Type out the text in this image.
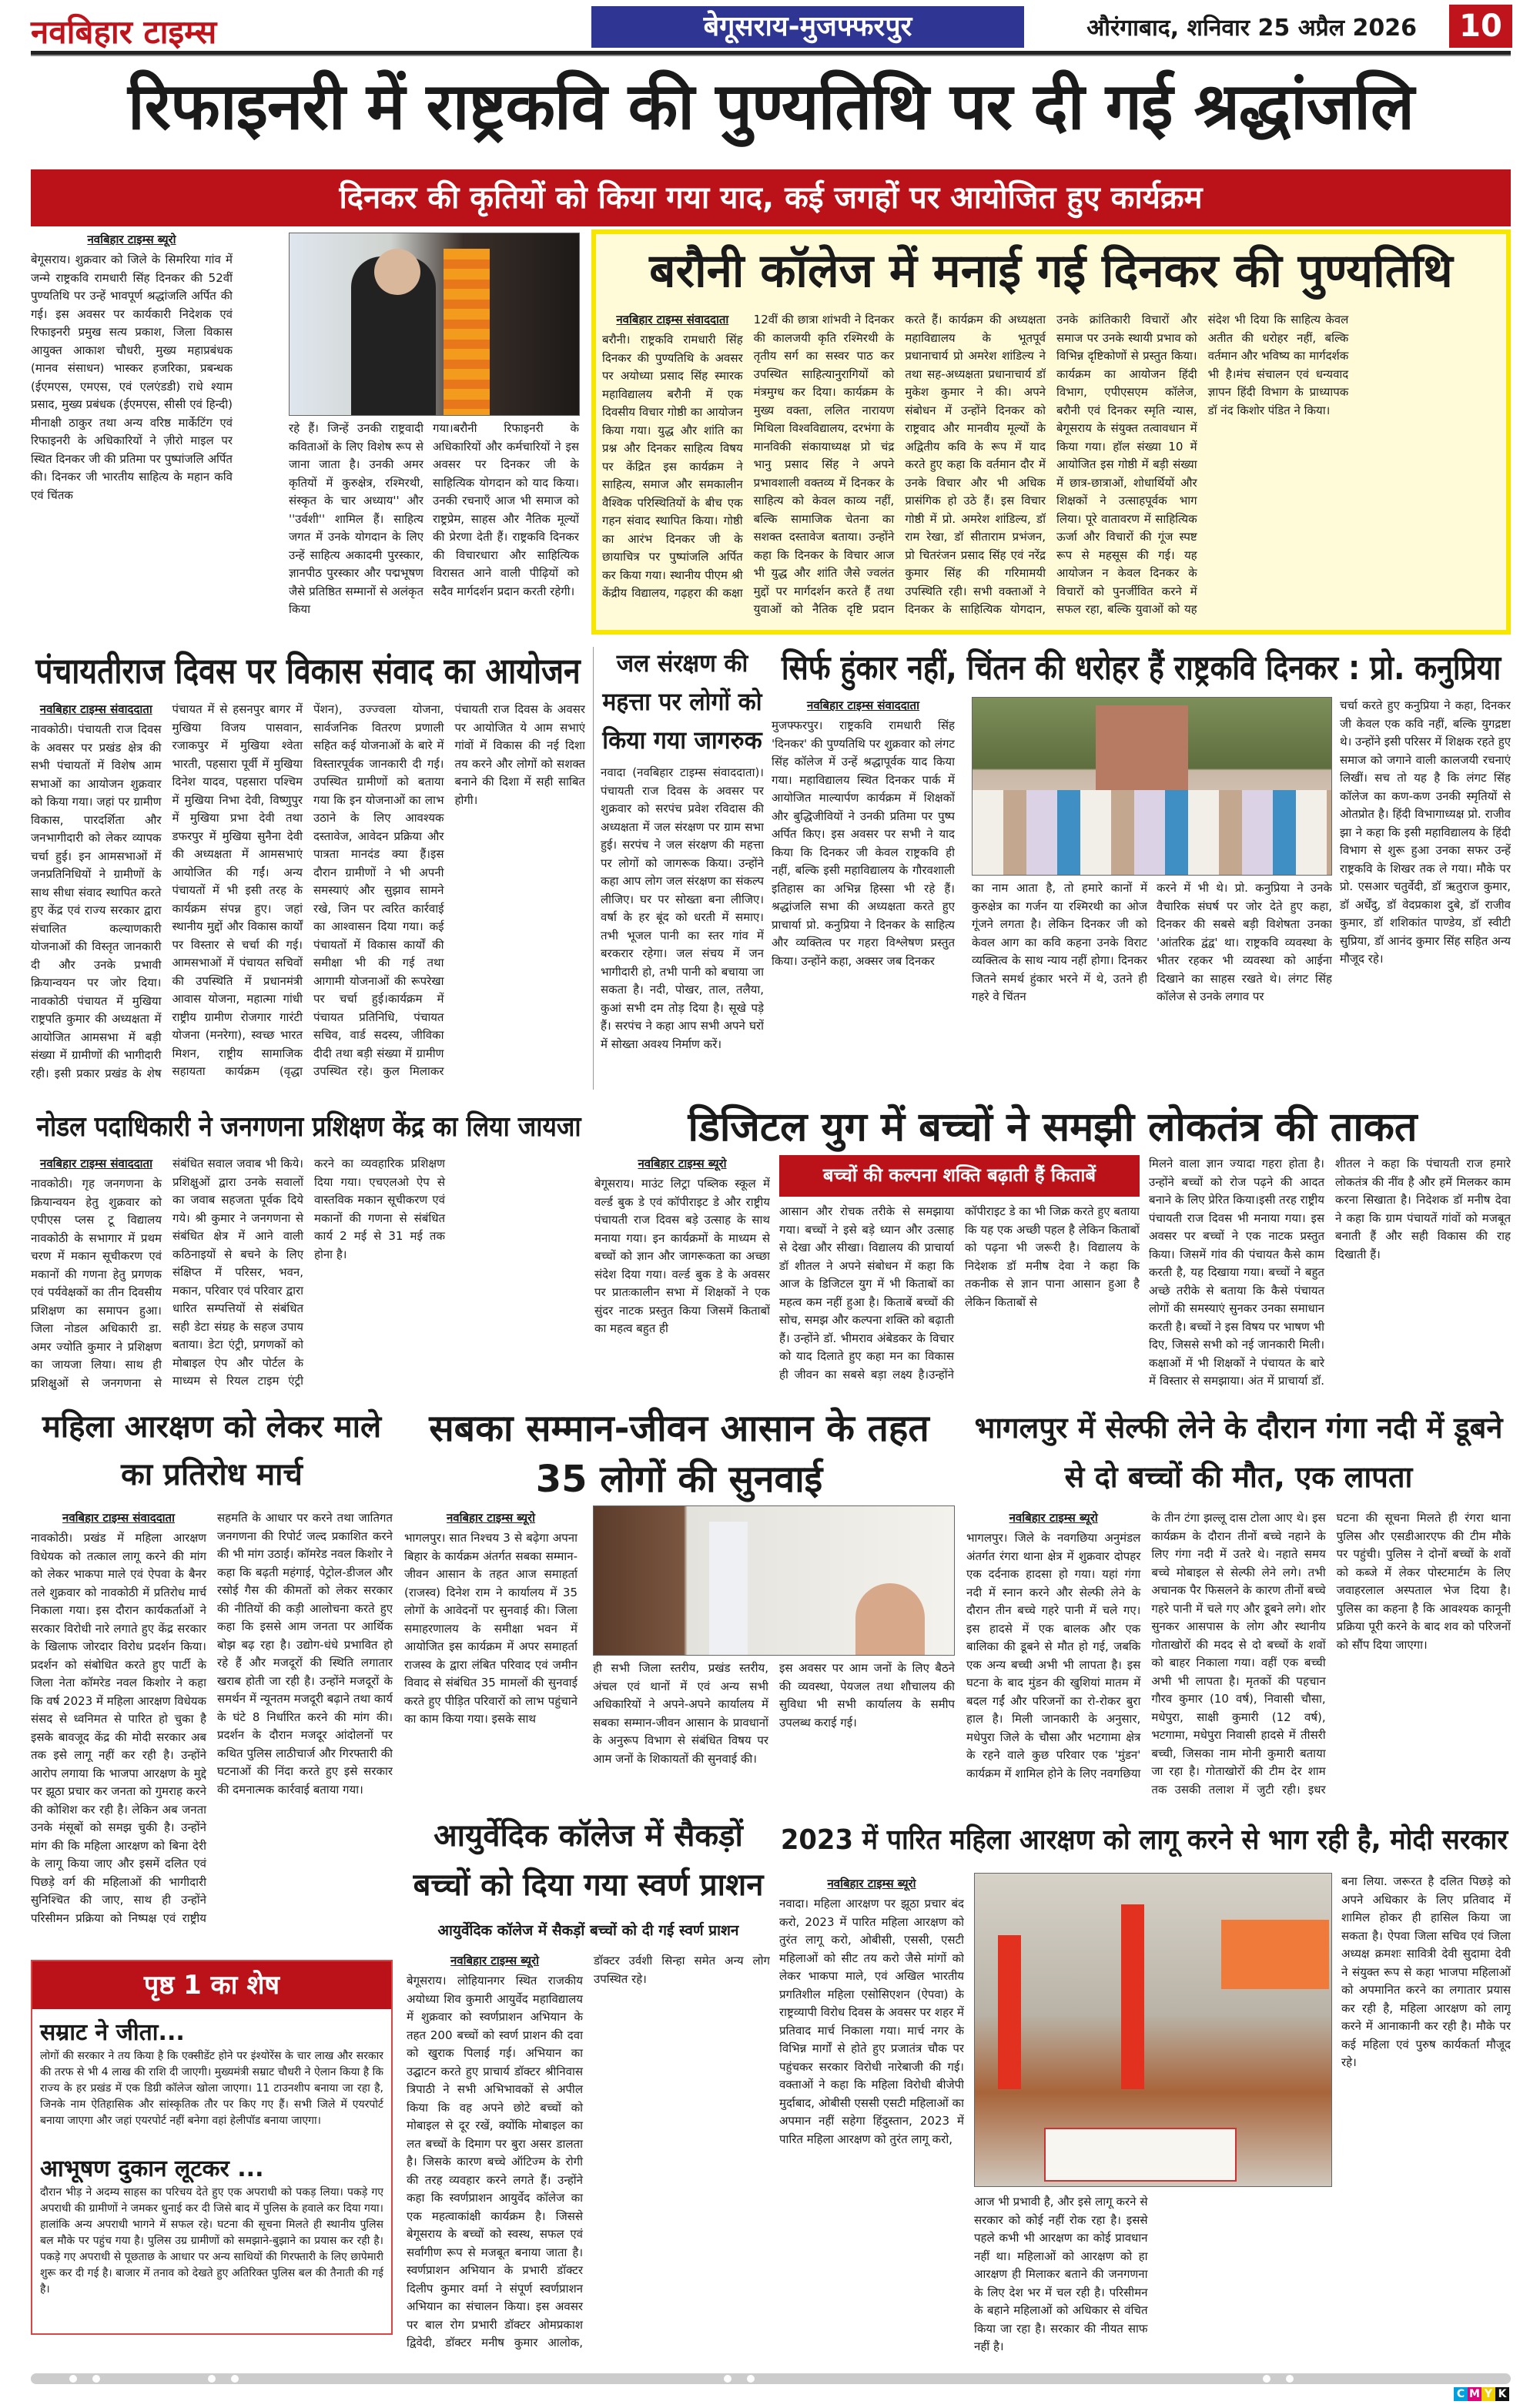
नवबिहार टाइम्स	बेगूसराय-मुजफ्फरपुर	औरंगाबाद, शनिवार 25 अप्रैल 2026	10
रिफाइनरी में राष्ट्रकवि की पुण्यतिथि पर दी गई श्रद्धांजलि
दिनकर की कृतियों को किया गया याद, कई जगहों पर आयोजित हुए कार्यक्रम
नवबिहार टाइम्स ब्यूरो
बेगूसराय। शुक्रवार को जिले के सिमरिया गांव में जन्मे राष्ट्रकवि रामधारी सिंह दिनकर की 52वीं पुण्यतिथि पर उन्हें भावपूर्ण श्रद्धांजलि अर्पित की गई। इस अवसर पर कार्यकारी निदेशक एवं रिफाइनरी प्रमुख सत्य प्रकाश, जिला विकास आयुक्त आकाश चौधरी, मुख्य महाप्रबंधक (मानव संसाधन) भास्कर हजरिका, प्रबन्धक (ईएमएस, एमएस, एवं एलएंडडी) राधे श्याम प्रसाद, मुख्य प्रबंधक (ईएमएस, सीसी एवं हिन्दी) मीनाक्षी ठाकुर तथा अन्य वरिष्ठ मार्केटिंग एवं रिफाइनरी के अधिकारियों ने ज़ीरो माइल पर स्थित दिनकर जी की प्रतिमा पर पुष्पांजलि अर्पित की। दिनकर जी भारतीय साहित्य के महान कवि एवं चिंतक
रहे हैं। जिन्हें उनकी राष्ट्रवादी कविताओं के लिए विशेष रूप से जाना जाता है। उनकी अमर कृतियों में कुरुक्षेत्र, रश्मिरथी, संस्कृत के चार अध्याय'' और ''उर्वशी'' शामिल हैं। साहित्य जगत में उनके योगदान के लिए उन्हें साहित्य अकादमी पुरस्कार, ज्ञानपीठ पुरस्कार और पद्मभूषण जैसे प्रतिष्ठित सम्मानों से अलंकृत किया
गया।बरौनी रिफाइनरी के अधिकारियों और कर्मचारियों ने इस अवसर पर दिनकर जी के साहित्यिक योगदान को याद किया। उनकी रचनाएँ आज भी समाज को राष्ट्रप्रेम, साहस और नैतिक मूल्यों की प्रेरणा देती हैं। राष्ट्रकवि दिनकर की विचारधारा और साहित्यिक विरासत आने वाली पीढ़ियों को सदैव मार्गदर्शन प्रदान करती रहेगी।
बरौनी कॉलेज में मनाई गई दिनकर की पुण्यतिथि
नवबिहार टाइम्स संवाददाता
बरौनी। राष्ट्रकवि रामधारी सिंह दिनकर की पुण्यतिथि के अवसर पर अयोध्या प्रसाद सिंह स्मारक महाविद्यालय बरौनी में एक दिवसीय विचार गोष्ठी का आयोजन किया गया। युद्ध और शांति का प्रश्न और दिनकर साहित्य विषय पर केंद्रित इस कार्यक्रम ने साहित्य, समाज और समकालीन वैश्विक परिस्थितियों के बीच एक गहन संवाद स्थापित किया। गोष्ठी का आरंभ दिनकर जी के छायाचित्र पर पुष्पांजलि अर्पित कर किया गया। स्थानीय पीएम श्री केंद्रीय विद्यालय, गढ़हरा की कक्षा 12वीं की छात्रा शांभवी ने दिनकर की कालजयी कृति रश्मिरथी के तृतीय सर्ग का सस्वर पाठ कर उपस्थित साहित्यानुरागियों को मंत्रमुग्ध कर दिया। कार्यक्रम के मुख्य वक्ता, ललित नारायण मिथिला विश्वविद्यालय, दरभंगा के मानविकी संकायाध्यक्ष प्रो चंद्र भानु प्रसाद सिंह ने अपने प्रभावशाली वक्तव्य में दिनकर के साहित्य को केवल काव्य नहीं, बल्कि सामाजिक चेतना का सशक्त दस्तावेज बताया। उन्होंने कहा कि दिनकर के विचार आज भी युद्ध और शांति जैसे ज्वलंत मुद्दों पर मार्गदर्शन करते हैं तथा युवाओं को नैतिक दृष्टि प्रदान करते हैं। कार्यक्रम की अध्यक्षता महाविद्यालय के भूतपूर्व प्रधानाचार्य प्रो अमरेश शांडिल्य ने तथा सह-अध्यक्षता प्रधानाचार्य डॉ मुकेश कुमार ने की। अपने संबोधन में उन्होंने दिनकर को राष्ट्रवाद और मानवीय मूल्यों के अद्वितीय कवि के रूप में याद करते हुए कहा कि वर्तमान दौर में उनके विचार और भी अधिक प्रासंगिक हो उठे हैं। इस विचार गोष्ठी में प्रो. अमरेश शांडिल्य, डॉ राम रेखा, डॉ सीताराम प्रभंजन, प्रो चितरंजन प्रसाद सिंह एवं नरेंद्र कुमार सिंह की गरिमामयी उपस्थिति रही। सभी वक्ताओं ने दिनकर के साहित्यिक योगदान, उनके क्रांतिकारी विचारों और समाज पर उनके स्थायी प्रभाव को विभिन्न दृष्टिकोणों से प्रस्तुत किया। कार्यक्रम का आयोजन हिंदी विभाग, एपीएसएम कॉलेज, बरौनी एवं दिनकर स्मृति न्यास, बेगूसराय के संयुक्त तत्वावधान में किया गया। हॉल संख्या 10 में आयोजित इस गोष्ठी में बड़ी संख्या में छात्र-छात्राओं, शोधार्थियों और शिक्षकों ने उत्साहपूर्वक भाग लिया। पूरे वातावरण में साहित्यिक ऊर्जा और विचारों की गूंज स्पष्ट रूप से महसूस की गई। यह आयोजन न केवल दिनकर के विचारों को पुनर्जीवित करने में सफल रहा, बल्कि युवाओं को यह संदेश भी दिया कि साहित्य केवल अतीत की धरोहर नहीं, बल्कि वर्तमान और भविष्य का मार्गदर्शक भी है।मंच संचालन एवं धन्यवाद ज्ञापन हिंदी विभाग के प्राध्यापक डॉ नंद किशोर पंडित ने किया।
पंचायतीराज दिवस पर विकास संवाद का आयोजन
नवबिहार टाइम्स संवाददाता
नावकोठी। पंचायती राज दिवस के अवसर पर प्रखंड क्षेत्र की सभी पंचायतों में विशेष आम सभाओं का आयोजन शुक्रवार को किया गया। जहां पर ग्रामीण विकास, पारदर्शिता और जनभागीदारी को लेकर व्यापक चर्चा हुई। इन आमसभाओं में जनप्रतिनिधियों ने ग्रामीणों के साथ सीधा संवाद स्थापित करते हुए केंद्र एवं राज्य सरकार द्वारा संचालित कल्याणकारी योजनाओं की विस्तृत जानकारी दी और उनके प्रभावी क्रियान्वयन पर जोर दिया। नावकोठी पंचायत में मुखिया राष्ट्रपति कुमार की अध्यक्षता में आयोजित आमसभा में बड़ी संख्या में ग्रामीणों की भागीदारी रही। इसी प्रकार प्रखंड के शेष पंचायत में से हसनपुर बागर में मुखिया विजय पासवान, रजाकपुर में मुखिया श्वेता भारती, पहसारा पूर्वी में मुखिया दिनेश यादव, पहसारा पश्चिम में मुखिया निभा देवी, विष्णुपुर में मुखिया प्रभा देवी तथा डफरपुर में मुखिया सुनैना देवी की अध्यक्षता में आमसभाएं आयोजित की गईं। अन्य पंचायतों में भी इसी तरह के कार्यक्रम संपन्न हुए। जहां स्थानीय मुद्दों और विकास कार्यों पर विस्तार से चर्चा की गई। आमसभाओं में पंचायत सचिवों की उपस्थिति में प्रधानमंत्री आवास योजना, महात्मा गांधी राष्ट्रीय ग्रामीण रोजगार गारंटी योजना (मनरेगा), स्वच्छ भारत मिशन, राष्ट्रीय सामाजिक सहायता कार्यक्रम (वृद्धा पेंशन), उज्ज्वला योजना, सार्वजनिक वितरण प्रणाली सहित कई योजनाओं के बारे में विस्तारपूर्वक जानकारी दी गई। उपस्थित ग्रामीणों को बताया गया कि इन योजनाओं का लाभ उठाने के लिए आवश्यक दस्तावेज, आवेदन प्रक्रिया और पात्रता मानदंड क्या हैं।इस दौरान ग्रामीणों ने भी अपनी समस्याएं और सुझाव सामने रखे, जिन पर त्वरित कार्रवाई का आश्वासन दिया गया। कई पंचायतों में विकास कार्यों की समीक्षा भी की गई तथा आगामी योजनाओं की रूपरेखा पर चर्चा हुई।कार्यक्रम में पंचायत प्रतिनिधि, पंचायत सचिव, वार्ड सदस्य, जीविका दीदी तथा बड़ी संख्या में ग्रामीण उपस्थित रहे। कुल मिलाकर पंचायती राज दिवस के अवसर पर आयोजित ये आम सभाएं गांवों में विकास की नई दिशा तय करने और लोगों को सशक्त बनाने की दिशा में सही साबित होगी।
जल संरक्षण की महत्ता पर लोगों को किया गया जागरुक
नवादा (नवबिहार टाइम्स संवाददाता)। पंचायती राज दिवस के अवसर पर शुक्रवार को सरपंच प्रवेश रविदास की अध्यक्षता में जल संरक्षण पर ग्राम सभा हुई। सरपंच ने जल संरक्षण की महत्ता पर लोगों को जागरूक किया। उन्होंने कहा आप लोग जल संरक्षण का संकल्प लीजिए। घर पर सोख्ता बना लीजिए। वर्षा के हर बूंद को धरती में समाए। तभी भूजल पानी का स्तर गांव में बरकरार रहेगा। जल संचय में जन भागीदारी हो, तभी पानी को बचाया जा सकता है। नदी, पोखर, ताल, तलैया, कुआं सभी दम तोड़ दिया है। सूखे पड़े हैं। सरपंच ने कहा आप सभी अपने घरों में सोख्ता अवश्य निर्माण करें।
सिर्फ हुंकार नहीं, चिंतन की धरोहर हैं राष्ट्रकवि दिनकर : प्रो. कनुप्रिया
नवबिहार टाइम्स संवाददाता
मुजफ्फरपुर। राष्ट्रकवि रामधारी सिंह 'दिनकर' की पुण्यतिथि पर शुक्रवार को लंगट सिंह कॉलेज में उन्हें श्रद्धापूर्वक याद किया गया। महाविद्यालय स्थित दिनकर पार्क में आयोजित माल्यार्पण कार्यक्रम में शिक्षकों और बुद्धिजीवियों ने उनकी प्रतिमा पर पुष्प अर्पित किए। इस अवसर पर सभी ने याद किया कि दिनकर जी केवल राष्ट्रकवि ही नहीं, बल्कि इसी महाविद्यालय के गौरवशाली इतिहास का अभिन्न हिस्सा भी रहे हैं। श्रद्धांजलि सभा की अध्यक्षता करते हुए प्राचार्या प्रो. कनुप्रिया ने दिनकर के साहित्य और व्यक्तित्व पर गहरा विश्लेषण प्रस्तुत किया। उन्होंने कहा, अक्सर जब दिनकर
का नाम आता है, तो हमारे कानों में कुरुक्षेत्र का गर्जन या रश्मिरथी का ओज गूंजने लगता है। लेकिन दिनकर जी को केवल आग का कवि कहना उनके विराट व्यक्तित्व के साथ न्याय नहीं होगा। दिनकर जितने समर्थ हुंकार भरने में थे, उतने ही गहरे वे चिंतन
करने में भी थे। प्रो. कनुप्रिया ने उनके वैचारिक संघर्ष पर जोर देते हुए कहा, दिनकर की सबसे बड़ी विशेषता उनका 'आंतरिक द्वंद्व' था। राष्ट्रकवि व्यवस्था के भीतर रहकर भी व्यवस्था को आईना दिखाने का साहस रखते थे। लंगट सिंह कॉलेज से उनके लगाव पर
चर्चा करते हुए कनुप्रिया ने कहा, दिनकर जी केवल एक कवि नहीं, बल्कि युगद्रष्टा थे। उन्होंने इसी परिसर में शिक्षक रहते हुए समाज को जगाने वाली कालजयी रचनाएं लिखीं। सच तो यह है कि लंगट सिंह कॉलेज का कण-कण उनकी स्मृतियों से ओतप्रोत है। हिंदी विभागाध्यक्ष प्रो. राजीव झा ने कहा कि इसी महाविद्यालय के हिंदी विभाग से शुरू हुआ उनका सफर उन्हें राष्ट्रकवि के शिखर तक ले गया। मौके पर प्रो. एसआर चतुर्वेदी, डॉ ऋतुराज कुमार, डॉ अर्धेंदु, डॉ वेदप्रकाश दुबे, डॉ राजीव कुमार, डॉ शशिकांत पाण्डेय, डॉ स्वीटी सुप्रिया, डॉ आनंद कुमार सिंह सहित अन्य मौजूद रहे।
नोडल पदाधिकारी ने जनगणना प्रशिक्षण केंद्र का लिया जायजा
नवबिहार टाइम्स संवाददाता
नावकोठी। गृह जनगणना के क्रियान्वयन हेतु शुक्रवार को एपीएस प्लस टू विद्यालय नावकोठी के सभागार में प्रथम चरण में मकान सूचीकरण एवं मकानों की गणना हेतु प्रगणक एवं पर्यवेक्षकों का तीन दिवसीय प्रशिक्षण का समापन हुआ। जिला नोडल अधिकारी डा. अमर ज्योति कुमार ने प्रशिक्षण का जायजा लिया। साथ ही प्रशिक्षुओं से जनगणना से संबंधित सवाल जवाब भी किये। प्रशिक्षुओं द्वारा उनके सवालों का जवाब सहजता पूर्वक दिये गये। श्री कुमार ने जनगणना से संबंधित क्षेत्र में आने वाली कठिनाइयों से बचने के लिए संक्षिप्त में परिसर, भवन, मकान, परिवार एवं परिवार द्वारा धारित सम्पत्तियों से संबंधित सही डेटा संग्रह के सहज उपाय बताया। डेटा एंट्री, प्रगणकों को मोबाइल ऐप और पोर्टल के माध्यम से रियल टाइम एंट्री करने का व्यवहारिक प्रशिक्षण दिया गया। एचएलओ ऐप से वास्तविक मकान सूचीकरण एवं मकानों की गणना से संबंधित कार्य 2 मई से 31 मई तक होना है।
डिजिटल युग में बच्चों ने समझी लोकतंत्र की ताकत
नवबिहार टाइम्स ब्यूरो
बेगूसराय। माउंट लिट्रा पब्लिक स्कूल में वर्ल्ड बुक डे एवं कॉपीराइट डे और राष्ट्रीय पंचायती राज दिवस बड़े उत्साह के साथ मनाया गया। इन कार्यक्रमों के माध्यम से बच्चों को ज्ञान और जागरूकता का अच्छा संदेश दिया गया। वर्ल्ड बुक डे के अवसर पर प्रातःकालीन सभा में शिक्षकों ने एक सुंदर नाटक प्रस्तुत किया जिसमें किताबों का महत्व बहुत ही
बच्चों की कल्पना शक्ति बढ़ाती हैं किताबें
आसान और रोचक तरीके से समझाया गया। बच्चों ने इसे बड़े ध्यान और उत्साह से देखा और सीखा। विद्यालय की प्राचार्या डॉ शीतल ने अपने संबोधन में कहा कि आज के डिजिटल युग में भी किताबों का महत्व कम नहीं हुआ है। किताबें बच्चों की सोच, समझ और कल्पना शक्ति को बढ़ाती हैं। उन्होंने डॉ. भीमराव अंबेडकर के विचार को याद दिलाते हुए कहा मन का विकास ही जीवन का सबसे बड़ा लक्ष्य है।उन्होंने कॉपीराइट डे का भी जिक्र करते हुए बताया कि यह एक अच्छी पहल है लेकिन किताबों को पढ़ना भी जरूरी है। विद्यालय के निदेशक डॉ मनीष देवा ने कहा कि तकनीक से ज्ञान पाना आसान हुआ है लेकिन किताबों से
मिलने वाला ज्ञान ज्यादा गहरा होता है। उन्होंने बच्चों को रोज पढ़ने की आदत बनाने के लिए प्रेरित किया।इसी तरह राष्ट्रीय पंचायती राज दिवस भी मनाया गया। इस अवसर पर बच्चों ने एक नाटक प्रस्तुत किया। जिसमें गांव की पंचायत कैसे काम करती है, यह दिखाया गया। बच्चों ने बहुत अच्छे तरीके से बताया कि कैसे पंचायत लोगों की समस्याएं सुनकर उनका समाधान करती है। बच्चों ने इस विषय पर भाषण भी दिए, जिससे सभी को नई जानकारी मिली। कक्षाओं में भी शिक्षकों ने पंचायत के बारे में विस्तार से समझाया। अंत में प्राचार्या डॉ. शीतल ने कहा कि पंचायती राज हमारे लोकतंत्र की नींव है और हमें मिलकर काम करना सिखाता है। निदेशक डॉ मनीष देवा ने कहा कि ग्राम पंचायतें गांवों को मजबूत बनाती हैं और सही विकास की राह दिखाती हैं।
महिला आरक्षण को लेकर माले का प्रतिरोध मार्च
नवबिहार टाइम्स संवाददाता
नावकोठी। प्रखंड में महिला आरक्षण विधेयक को तत्काल लागू करने की मांग को लेकर भाकपा माले एवं ऐपवा के बैनर तले शुक्रवार को नावकोठी में प्रतिरोध मार्च निकाला गया। इस दौरान कार्यकर्ताओं ने सरकार विरोधी नारे लगाते हुए केंद्र सरकार के खिलाफ जोरदार विरोध प्रदर्शन किया। प्रदर्शन को संबोधित करते हुए पार्टी के जिला नेता कॉमरेड नवल किशोर ने कहा कि वर्ष 2023 में महिला आरक्षण विधेयक संसद से ध्वनिमत से पारित हो चुका है इसके बावजूद केंद्र की मोदी सरकार अब तक इसे लागू नहीं कर रही है। उन्होंने आरोप लगाया कि भाजपा आरक्षण के मुद्दे पर झूठा प्रचार कर जनता को गुमराह करने की कोशिश कर रही है। लेकिन अब जनता उनके मंसूबों को समझ चुकी है। उन्होंने मांग की कि महिला आरक्षण को बिना देरी के लागू किया जाए और इसमें दलित एवं पिछड़े वर्ग की महिलाओं की भागीदारी सुनिश्चित की जाए, साथ ही उन्होंने परिसीमन प्रक्रिया को निष्पक्ष एवं राष्ट्रीय सहमति के आधार पर करने तथा जातिगत जनगणना की रिपोर्ट जल्द प्रकाशित करने की भी मांग उठाई। कॉमरेड नवल किशोर ने कहा कि बढ़ती महंगाई, पेट्रोल-डीजल और रसोई गैस की कीमतों को लेकर सरकार की नीतियों की कड़ी आलोचना करते हुए कहा कि इससे आम जनता पर आर्थिक बोझ बढ़ रहा है। उद्योग-धंधे प्रभावित हो रहे हैं और मजदूरों की स्थिति लगातार खराब होती जा रही है। उन्होंने मजदूरों के समर्थन में न्यूनतम मजदूरी बढ़ाने तथा कार्य के घंटे 8 निर्धारित करने की मांग की। प्रदर्शन के दौरान मजदूर आंदोलनों पर कथित पुलिस लाठीचार्ज और गिरफ्तारी की घटनाओं की निंदा करते हुए इसे सरकार की दमनात्मक कार्रवाई बताया गया।
सबका सम्मान-जीवन आसान के तहत 35 लोगों की सुनवाई
नवबिहार टाइम्स ब्यूरो
भागलपुर। सात निश्चय 3 से बढ़ेगा अपना बिहार के कार्यक्रम अंतर्गत सबका सम्मान- जीवन आसान के तहत आज समाहर्ता (राजस्व) दिनेश राम ने कार्यालय में 35 लोगों के आवेदनों पर सुनवाई की। जिला समाहरणालय के समीक्षा भवन में आयोजित इस कार्यक्रम में अपर समाहर्ता राजस्व के द्वारा लंबित परिवाद एवं जमीन विवाद से संबंधित 35 मामलों की सुनवाई करते हुए पीड़ित परिवारों को लाभ पहुंचाने का काम किया गया। इसके साथ
ही सभी जिला स्तरीय, प्रखंड स्तरीय, अंचल एवं थानों में एवं अन्य सभी अधिकारियों ने अपने-अपने कार्यालय में सबका सम्मान-जीवन आसान के प्रावधानों के अनुरूप विभाग से संबंधित विषय पर आम जनों के शिकायतों की सुनवाई की।
इस अवसर पर आम जनों के लिए बैठने की व्यवस्था, पेयजल तथा शौचालय की सुविधा भी सभी कार्यालय के समीप उपलब्ध कराई गई।
भागलपुर में सेल्फी लेने के दौरान गंगा नदी में डूबने से दो बच्चों की मौत, एक लापता
नवबिहार टाइम्स ब्यूरो
भागलपुर। जिले के नवगछिया अनुमंडल अंतर्गत रंगरा थाना क्षेत्र में शुक्रवार दोपहर एक दर्दनाक हादसा हो गया। यहां गंगा नदी में स्नान करने और सेल्फी लेने के दौरान तीन बच्चे गहरे पानी में चले गए। इस हादसे में एक बालक और एक बालिका की डूबने से मौत हो गई, जबकि एक अन्य बच्ची अभी भी लापता है। इस घटना के बाद मुंडन की खुशियां मातम में बदल गईं और परिजनों का रो-रोकर बुरा हाल है। मिली जानकारी के अनुसार, मधेपुरा जिले के चौसा और भटगामा क्षेत्र के रहने वाले कुछ परिवार एक 'मुंडन' कार्यक्रम में शामिल होने के लिए नवगछिया के तीन टंगा झल्लू दास टोला आए थे। इस कार्यक्रम के दौरान तीनों बच्चे नहाने के लिए गंगा नदी में उतरे थे। नहाते समय बच्चे मोबाइल से सेल्फी लेने लगे। तभी अचानक पैर फिसलने के कारण तीनों बच्चे गहरे पानी में चले गए और डूबने लगे। शोर सुनकर आसपास के लोग और स्थानीय गोताखोरों की मदद से दो बच्चों के शवों को बाहर निकाला गया। वहीं एक बच्ची अभी भी लापता है। मृतकों की पहचान गौरव कुमार (10 वर्ष), निवासी चौसा, मधेपुरा, साक्षी कुमारी (12 वर्ष), भटगामा, मधेपुरा निवासी हादसे में तीसरी बच्ची, जिसका नाम मोनी कुमारी बताया जा रहा है। गोताखोरों की टीम देर शाम तक उसकी तलाश में जुटी रही। इधर घटना की सूचना मिलते ही रंगरा थाना पुलिस और एसडीआरएफ की टीम मौके पर पहुंची। पुलिस ने दोनों बच्चों के शवों को कब्जे में लेकर पोस्टमार्टम के लिए जवाहरलाल अस्पताल भेज दिया है। पुलिस का कहना है कि आवश्यक कानूनी प्रक्रिया पूरी करने के बाद शव को परिजनों को सौंप दिया जाएगा।
आयुर्वेदिक कॉलेज में सैकड़ों बच्चों को दिया गया स्वर्ण प्राशन
आयुर्वेदिक कॉलेज में सैकड़ों बच्चों को दी गई स्वर्ण प्राशन
नवबिहार टाइम्स ब्यूरो
बेगूसराय। लोहियानगर स्थित राजकीय अयोध्या शिव कुमारी आयुर्वेद महाविद्यालय में शुक्रवार को स्वर्णप्राशन अभियान के तहत 200 बच्चों को स्वर्ण प्राशन की दवा को खुराक पिलाई गई। अभियान का उद्घाटन करते हुए प्राचार्य डॉक्टर श्रीनिवास त्रिपाठी ने सभी अभिभावकों से अपील किया कि वह अपने छोटे बच्चों को मोबाइल से दूर रखें, क्योंकि मोबाइल का लत बच्चों के दिमाग पर बुरा असर डालता है। जिसके कारण बच्चे ऑटिज्म के रोगी की तरह व्यवहार करने लगते हैं। उन्होंने कहा कि स्वर्णप्राशन आयुर्वेद कॉलेज का एक महत्वाकांक्षी कार्यक्रम है। जिससे बेगूसराय के बच्चों को स्वस्थ, सफल एवं सर्वांगीण रूप से मजबूत बनाया जाता है। स्वर्णप्राशन अभियान के प्रभारी डॉक्टर दिलीप कुमार वर्मा ने संपूर्ण स्वर्णप्राशन अभियान का संचालन किया। इस अवसर पर बाल रोग प्रभारी डॉक्टर ओमप्रकाश द्विवेदी, डॉक्टर मनीष कुमार आलोक, डॉक्टर उर्वशी सिन्हा समेत अन्य लोग उपस्थित रहे।
2023 में पारित महिला आरक्षण को लागू करने से भाग रही है, मोदी सरकार
नवबिहार टाइम्स ब्यूरो
नवादा। महिला आरक्षण पर झूठा प्रचार बंद करो, 2023 में पारित महिला आरक्षण को तुरंत लागू करो, ओबीसी, एससी, एसटी महिलाओं को सीट तय करो जैसे मांगों को लेकर भाकपा माले, एवं अखिल भारतीय प्रगतिशील महिला एसोसिएशन (ऐपवा) के राष्ट्रव्यापी विरोध दिवस के अवसर पर शहर में प्रतिवाद मार्च निकाला गया। मार्च नगर के विभिन्न मार्गों से होते हुए प्रजातंत्र चौक पर पहुंचकर सरकार विरोधी नारेबाजी की गई। वक्ताओं ने कहा कि महिला विरोधी बीजेपी मुर्दाबाद, ओबीसी एससी एसटी महिलाओं का अपमान नहीं सहेगा हिंदुस्तान, 2023 में पारित महिला आरक्षण को तुरंत लागू करो,
आज भी प्रभावी है, और इसे लागू करने से सरकार को कोई नहीं रोक रहा है। इससे पहले कभी भी आरक्षण का कोई प्रावधान नहीं था। महिलाओं को आरक्षण को हा आरक्षण ही मिलाकर बताने की जनगणना के लिए देश भर में चल रही है। परिसीमन के बहाने महिलाओं को अधिकार से वंचित किया जा रहा है। सरकार की नीयत साफ नहीं है।
बना लिया. जरूरत है दलित पिछड़े को अपने अधिकार के लिए प्रतिवाद में शामिल होकर ही हासिल किया जा सकता है। ऐपवा जिला सचिव एवं जिला अध्यक्ष क्रमशः सावित्री देवी सुदामा देवी ने संयुक्त रूप से कहा भाजपा महिलाओं को अपमानित करने का लगातार प्रयास कर रही है, महिला आरक्षण को लागू करने में आनाकानी कर रही है। मौके पर कई महिला एवं पुरुष कार्यकर्ता मौजूद रहे।
पृष्ठ 1 का शेष
सम्राट ने जीता...
लोगों की सरकार ने तय किया है कि एक्सीडेंट होने पर इंश्योरेंस के चार लाख और सरकार की तरफ से भी 4 लाख की राशि दी जाएगी। मुख्यमंत्री सम्राट चौधरी ने ऐलान किया है कि राज्य के हर प्रखंड में एक डिग्री कॉलेज खोला जाएगा। 11 टाउनशीप बनाया जा रहा है, जिनके नाम ऐतिहासिक और सांस्कृतिक तौर पर किए गए हैं। सभी जिले में एयरपोर्ट बनाया जाएगा और जहां एयरपोर्ट नहीं बनेगा वहां हेलीपॉड बनाया जाएगा।
आभूषण दुकान लूटकर ...
दौरान भीड़ ने अदम्य साहस का परिचय देते हुए एक अपराधी को पकड़ लिया। पकड़े गए अपराधी की ग्रामीणों ने जमकर धुनाई कर दी जिसे बाद में पुलिस के हवाले कर दिया गया। हालांकि अन्य अपराधी भागने में सफल रहे। घटना की सूचना मिलते ही स्थानीय पुलिस बल मौके पर पहुंच गया है। पुलिस उग्र ग्रामीणों को समझाने-बुझाने का प्रयास कर रही है। पकड़े गए अपराधी से पूछताछ के आधार पर अन्य साथियों की गिरफ्तारी के लिए छापेमारी शुरू कर दी गई है। बाजार में तनाव को देखते हुए अतिरिक्त पुलिस बल की तैनाती की गई है।
C M Y K
